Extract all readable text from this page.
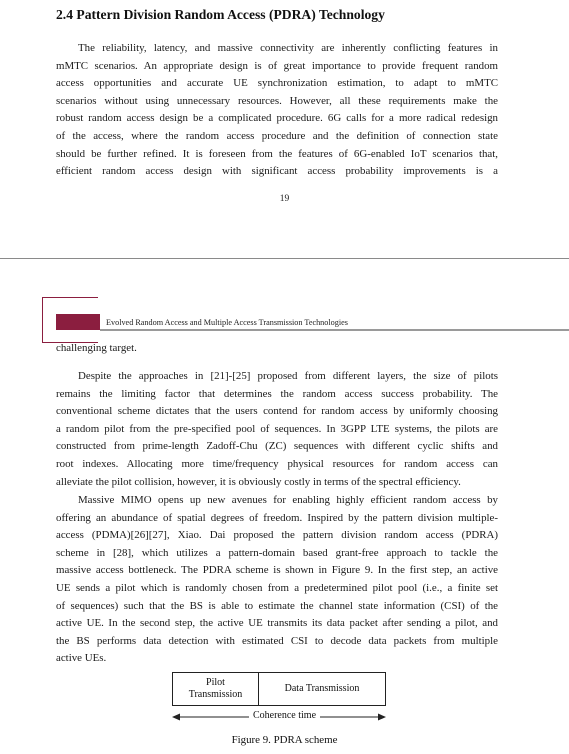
2.4 Pattern Division Random Access (PDRA) Technology
The reliability, latency, and massive connectivity are inherently conflicting features in
mMTC scenarios. An appropriate design is of great importance to provide frequent random
access opportunities and accurate UE synchronization estimation, to adapt to mMTC
scenarios without using unnecessary resources. However, all these requirements make the
robust random access design be a complicated procedure. 6G calls for a more radical redesign
of the access, where the random access procedure and the definition of connection state
should be further refined. It is foreseen from the features of 6G-enabled IoT scenarios that,
efficient random access design with significant access probability improvements is a
19
Evolved Random Access and Multiple Access Transmission Technologies
challenging target.
Despite the approaches in [21]-[25] proposed from different layers, the size of pilots
remains the limiting factor that determines the random access success probability. The
conventional scheme dictates that the users contend for random access by uniformly choosing
a random pilot from the pre-specified pool of sequences. In 3GPP LTE systems, the pilots are
constructed from prime-length Zadoff-Chu (ZC) sequences with different cyclic shifts and
root indexes. Allocating more time/frequency physical resources for random access can
alleviate the pilot collision, however, it is obviously costly in terms of the spectral efficiency.
Massive MIMO opens up new avenues for enabling highly efficient random access by
offering an abundance of spatial degrees of freedom. Inspired by the pattern division multiple-
access (PDMA)[26][27], Xiao. Dai proposed the pattern division random access (PDRA)
scheme in [28], which utilizes a pattern-domain based grant-free approach to tackle the
massive access bottleneck. The PDRA scheme is shown in Figure 9. In the first step, an active
UE sends a pilot which is randomly chosen from a predetermined pilot pool (i.e., a finite set
of sequences) such that the BS is able to estimate the channel state information (CSI) of the
active UE. In the second step, the active UE transmits its data packet after sending a pilot, and
the BS performs data detection with estimated CSI to decode data packets from multiple
active UEs.
Pilot
Transmission
Data Transmission
Coherence time
Figure 9. PDRA scheme
